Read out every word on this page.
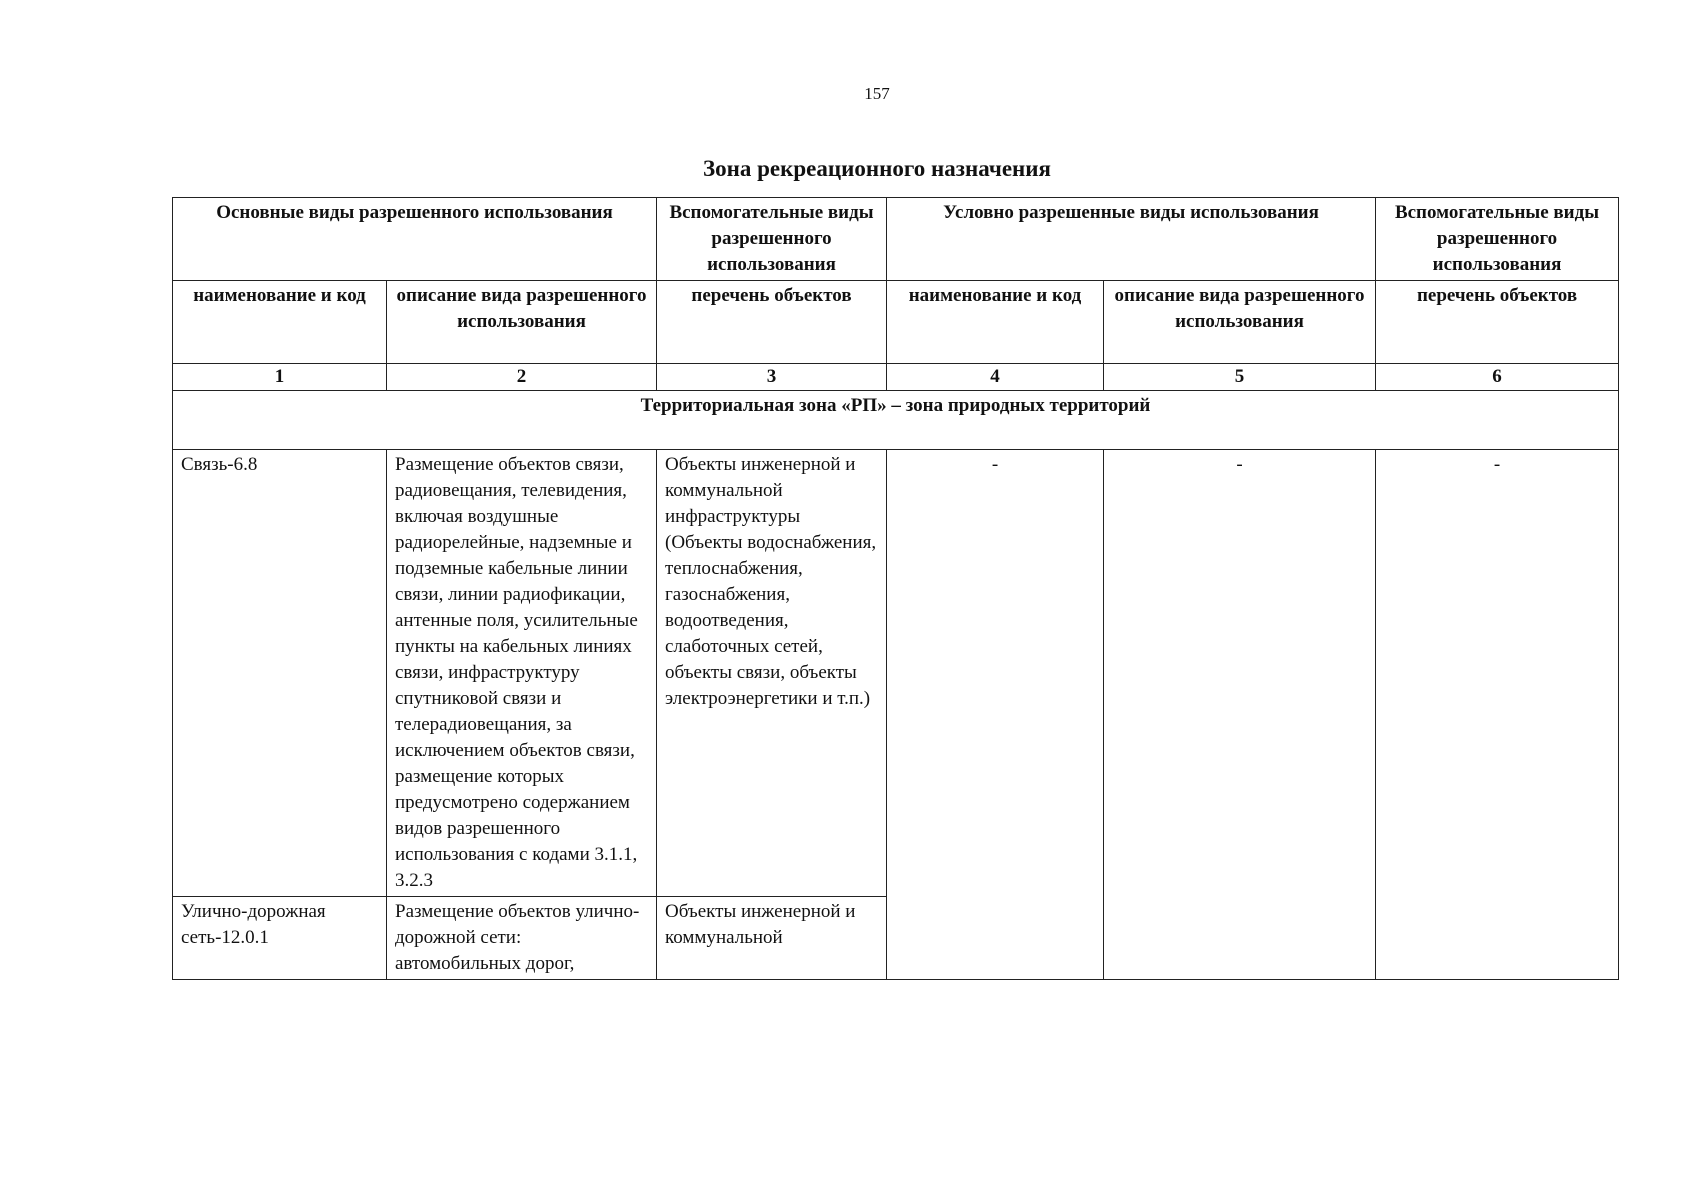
157
Зона рекреационного назначения
Основные виды разрешенного использования		Вспомогательные виды разрешенного использования	Условно разрешенные виды использования		Вспомогательные виды разрешенного использования
наименование и код	описание вида разрешенного использования	перечень объектов	наименование и код	описание вида разрешенного использования	перечень объектов
1	2	3	4	5	6
Территориальная зона «РП» – зона природных территорий					
Связь-6.8	Размещение объектов связи, радиовещания, телевидения, включая воздушные радиорелейные, надземные и подземные кабельные линии связи, линии радиофикации, антенные поля, усилительные пункты на кабельных линиях связи, инфраструктуру спутниковой связи и телерадиовещания, за исключением объектов связи, размещение которых предусмотрено содержанием видов разрешенного использования с кодами 3.1.1, 3.2.3	Объекты инженерной и коммунальной инфраструктуры (Объекты водоснабжения, теплоснабжения, газоснабжения, водоотведения, слаботочных сетей, объекты связи, объекты электроэнергетики и т.п.)	-	-	-
Улично-дорожная сеть-12.0.1	Размещение объектов улично-дорожной сети: автомобильных дорог,	Объекты инженерной и коммунальной			
